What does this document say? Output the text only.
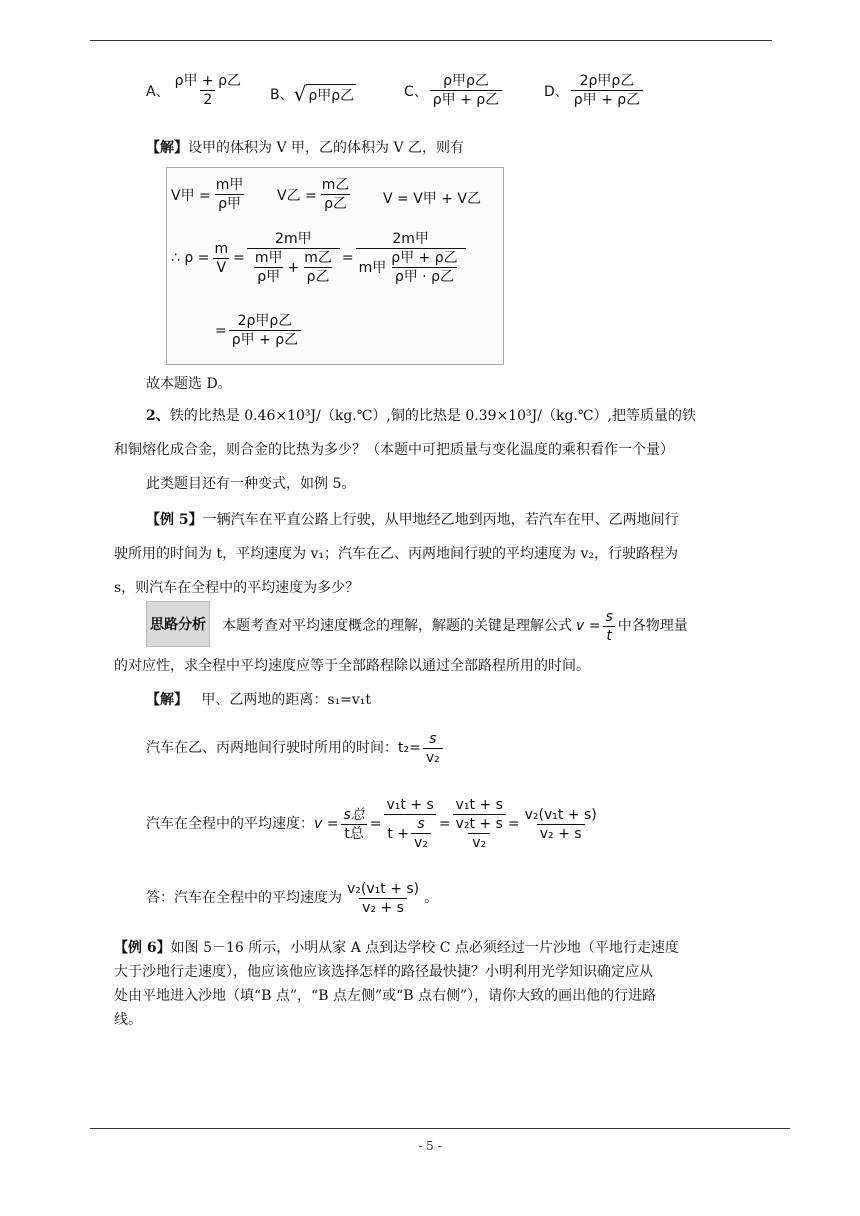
A、 $\frac{\text{ρ甲 + ρ乙}}{2}$ B、 √ ρ甲ρ乙	C、 $\frac{\text{ρ甲ρ乙}}{\text{ρ甲 + ρ乙}}$	D、 $\frac{\text{2ρ甲ρ乙}}{\text{ρ甲 + ρ乙}}$
【解】设甲的体积为 V 甲，乙的体积为 V 乙，则有
V甲 = $\frac{\text{m甲}}{\text{ρ甲}}$ V乙 = $\frac{\text{m乙}}{\text{ρ乙}}$ V = V甲 + V乙
∴ $\rho = \frac{m}{V} = \frac{\text{2m甲}}{\frac{\text{m甲}}{\text{ρ甲}} + \frac{\text{m乙}}{\text{ρ乙}}} = \frac{\text{2m甲}}{m甲 \frac{\text{ρ甲 + ρ乙}}{\text{ρ甲 · ρ乙}}}$
= $\frac{\text{2ρ甲ρ乙}}{\text{ρ甲 + ρ乙}}$
故本题选 D。
2、铁的比热是 0.46×10³J/（kg.℃）,铜的比热是 0.39×10³J/（kg.℃）,把等质量的铁
和铜熔化成合金，则合金的比热为多少？（本题中可把质量与变化温度的乘积看作一个量）
此类题目还有一种变式，如例 5。
【例 5】一辆汽车在平直公路上行驶，从甲地经乙地到丙地，若汽车在甲、乙两地间行
驶所用的时间为 t，平均速度为 v₁；汽车在乙、丙两地间行驶的平均速度为 v₂，行驶路程为
s，则汽车在全程中的平均速度为多少？
思路分析 本题考查对平均速度概念的理解，解题的关键是理解公式 $v = \frac{s}{t}$ 中各物理量
的对应性，求全程中平均速度应等于全部路程除以通过全部路程所用的时间。
【解】 甲、乙两地的距离：s₁=v₁t
汽车在乙、丙两地间行驶时所用的时间： $t_2= \frac{s}{\text{v₂}}$
汽车在全程中的平均速度： $v = \frac{\text{s总}}{\text{t总}} = \frac{\text{v₁t + s}}{t + \frac{s}{\text{v₂}}} = \frac{\text{v₁t + s}}{\frac{\text{v₂t + s}}{\text{v₂}}} = \frac{\text{v₂(v₁t + s)}}{\text{v₂ + s}}$
答：汽车在全程中的平均速度为 $\frac{\text{v₂(v₁t + s)}}{\text{v₂ + s}}$ 。
【例 6】如图 5－16 所示，小明从家 A 点到达学校 C 点必须经过一片沙地（平地行走速度
大于沙地行走速度），他应该他应该选择怎样的路径最快捷？小明利用光学知识确定应从
处由平地进入沙地（填“B 点”，“B 点左侧”或“B 点右侧”），请你大致的画出他的行进路
线。
- 5 -
